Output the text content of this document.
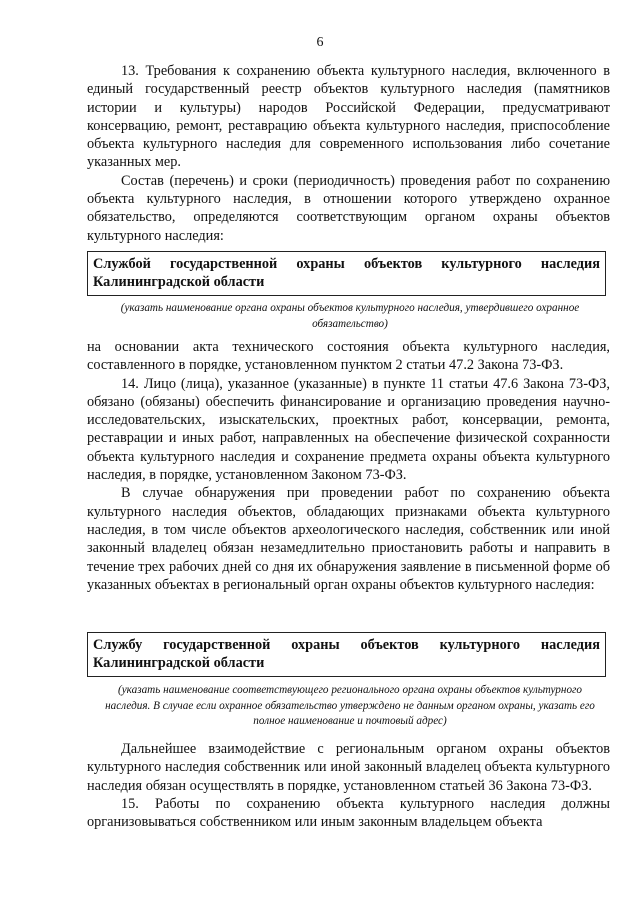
6

13. Требования к сохранению объекта культурного наследия, включенного в единый государственный реестр объектов культурного наследия (памятников истории и культуры) народов Российской Федерации, предусматривают консервацию, ремонт, реставрацию объекта культурного наследия, приспособление объекта культурного наследия для современного использования либо сочетание указанных мер.

Состав (перечень) и сроки (периодичность) проведения работ по сохранению объекта культурного наследия, в отношении которого утверждено охранное обязательство, определяются соответствующим органом охраны объектов культурного наследия:

Службой государственной охраны объектов культурного наследия Калининградской области
(указать наименование органа охраны объектов культурного наследия, утвердившего охранное обязательство)

на основании акта технического состояния объекта культурного наследия, составленного в порядке, установленном пунктом 2 статьи 47.2 Закона 73-ФЗ.

14. Лицо (лица), указанное (указанные) в пункте 11 статьи 47.6 Закона 73-ФЗ, обязано (обязаны) обеспечить финансирование и организацию проведения научно-исследовательских, изыскательских, проектных работ, консервации, ремонта, реставрации и иных работ, направленных на обеспечение физической сохранности объекта культурного наследия и сохранение предмета охраны объекта культурного наследия, в порядке, установленном Законом 73-ФЗ.

В случае обнаружения при проведении работ по сохранению объекта культурного наследия объектов, обладающих признаками объекта культурного наследия, в том числе объектов археологического наследия, собственник или иной законный владелец обязан незамедлительно приостановить работы и направить в течение трех рабочих дней со дня их обнаружения заявление в письменной форме об указанных объектах в региональный орган охраны объектов культурного наследия:

Службу государственной охраны объектов культурного наследия Калининградской области
(указать наименование соответствующего регионального органа охраны объектов культурного наследия. В случае если охранное обязательство утверждено не данным органом охраны, указать его полное наименование и почтовый адрес)

Дальнейшее взаимодействие с региональным органом охраны объектов культурного наследия собственник или иной законный владелец объекта культурного наследия обязан осуществлять в порядке, установленном статьей 36 Закона 73-ФЗ.

15. Работы по сохранению объекта культурного наследия должны организовываться собственником или иным законным владельцем объекта
